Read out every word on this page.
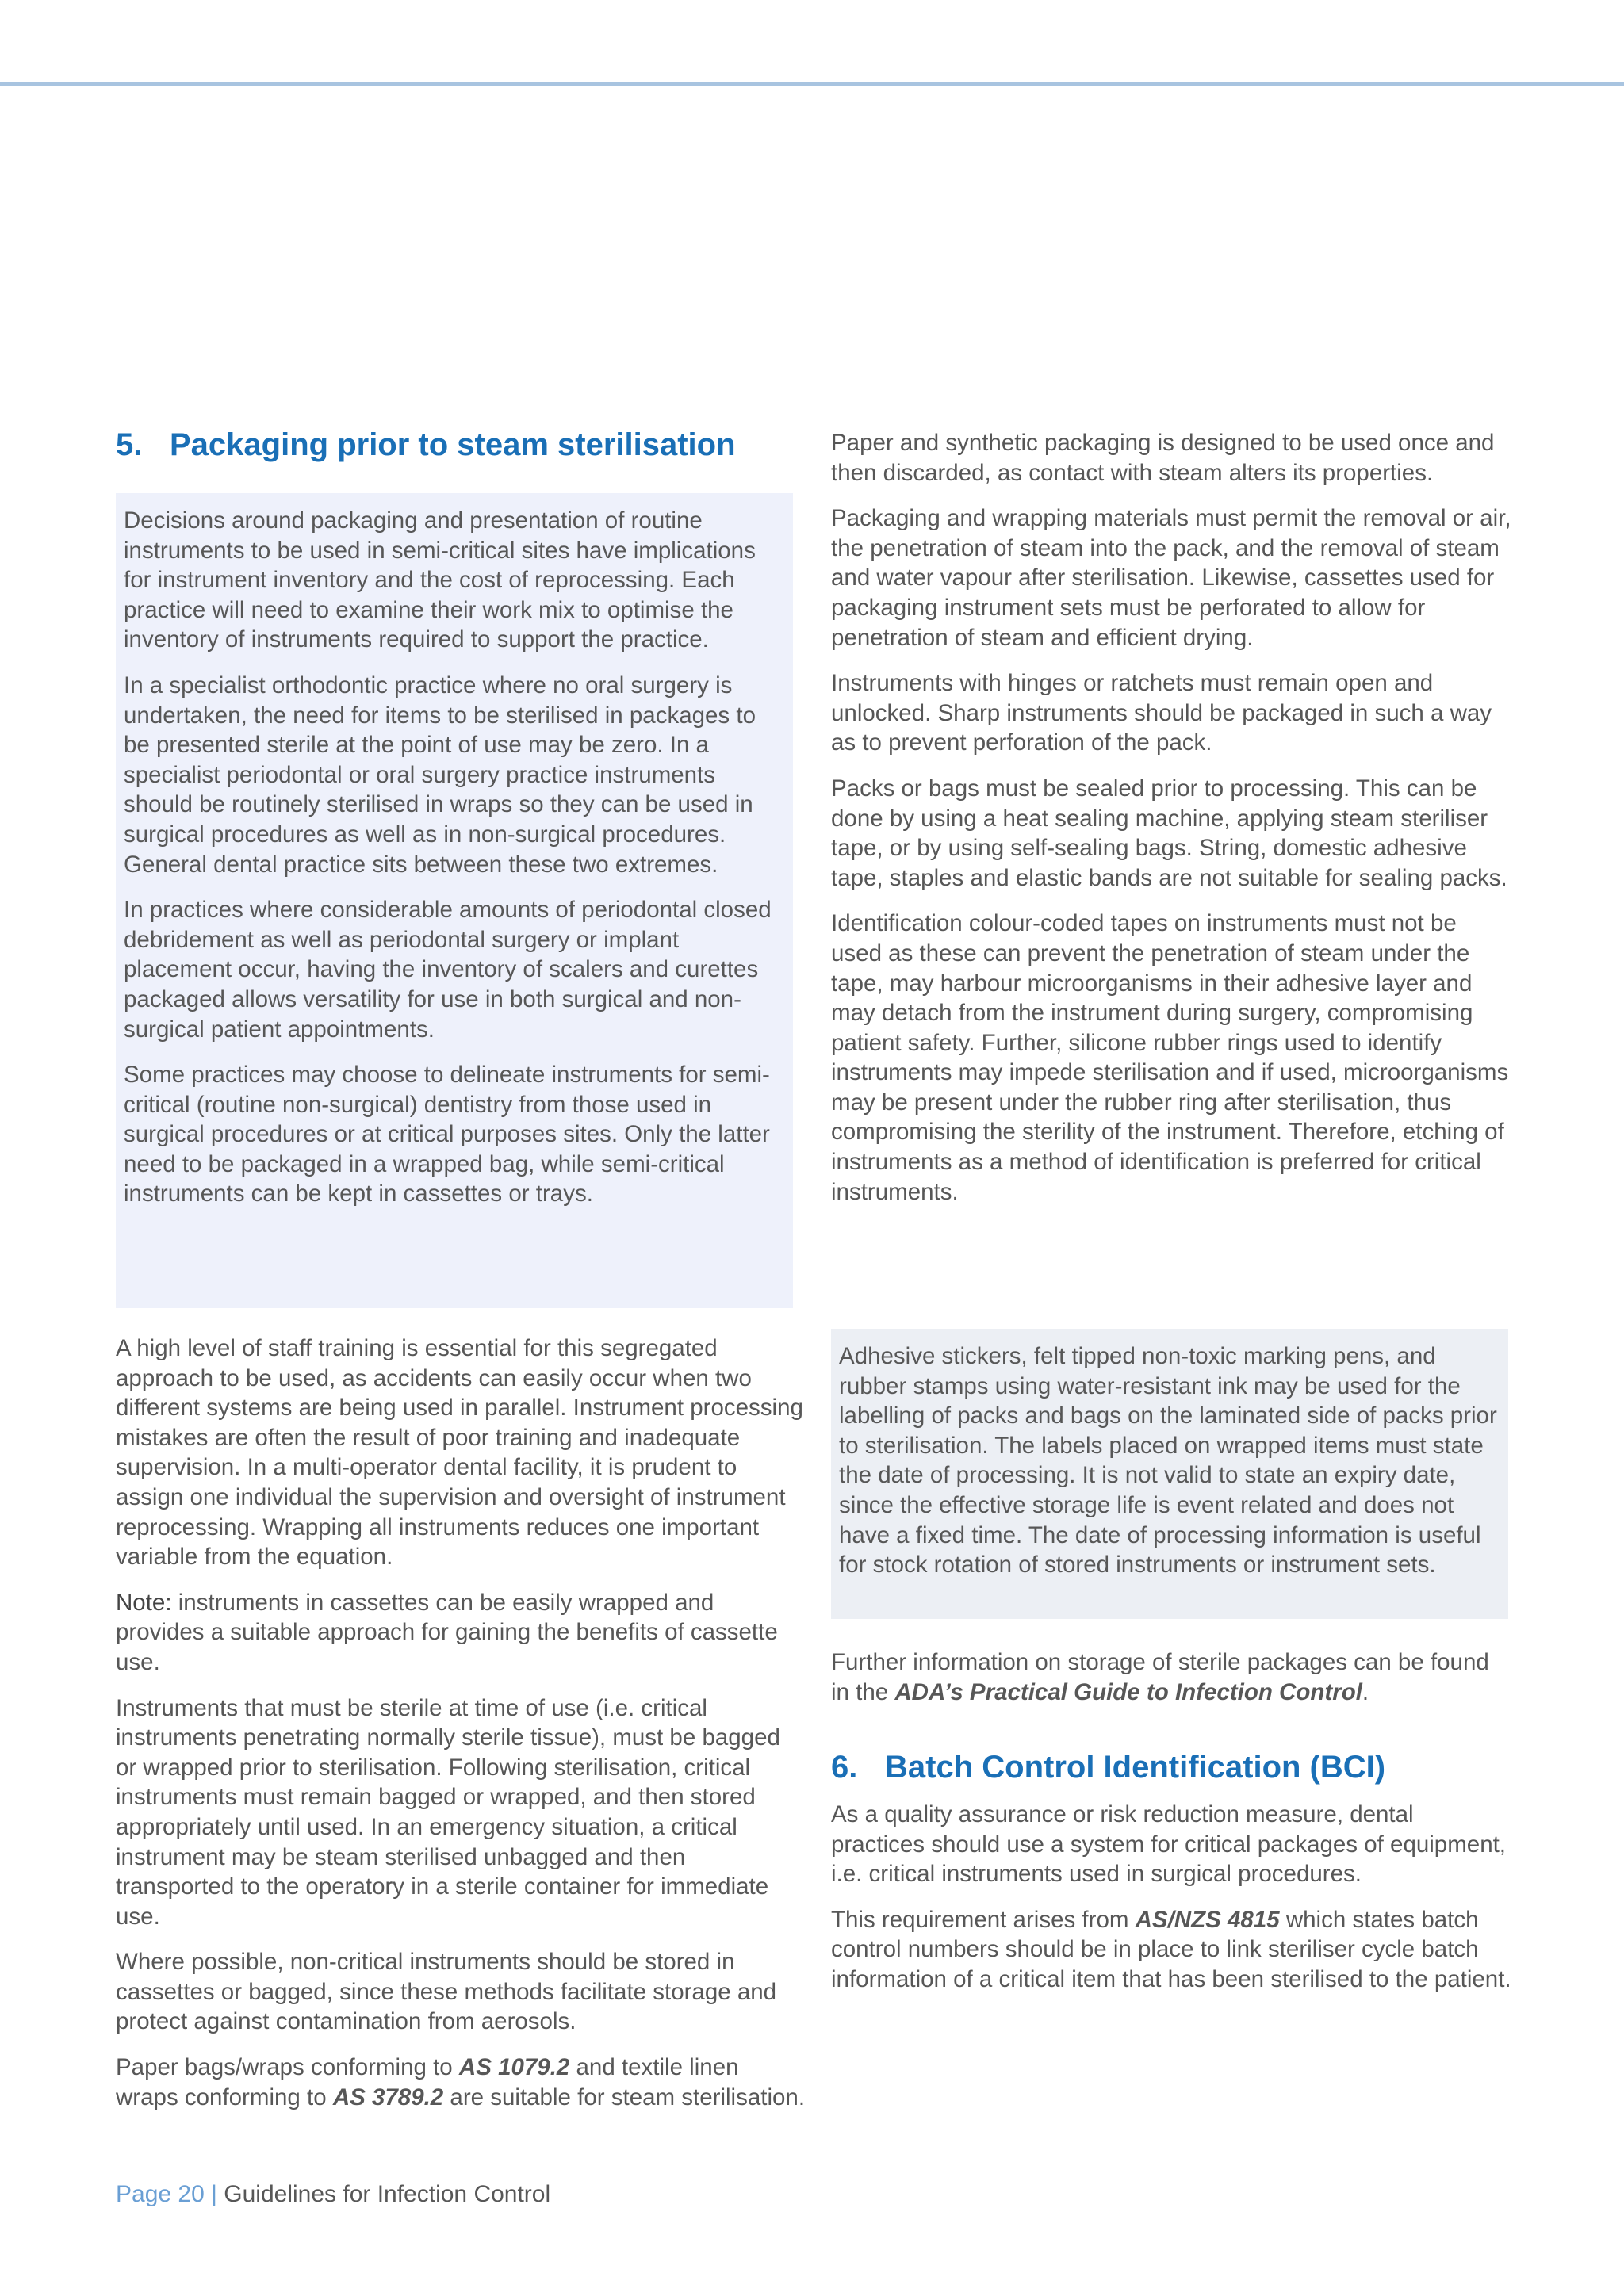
5. Packaging prior to steam sterilisation

Decisions around packaging and presentation of routine instruments to be used in semi-critical sites have implications for instrument inventory and the cost of reprocessing. Each practice will need to examine their work mix to optimise the inventory of instruments required to support the practice.

In a specialist orthodontic practice where no oral surgery is undertaken, the need for items to be sterilised in packages to be presented sterile at the point of use may be zero. In a specialist periodontal or oral surgery practice instruments should be routinely sterilised in wraps so they can be used in surgical procedures as well as in non-surgical procedures. General dental practice sits between these two extremes.

In practices where considerable amounts of periodontal closed debridement as well as periodontal surgery or implant placement occur, having the inventory of scalers and curettes packaged allows versatility for use in both surgical and non-surgical patient appointments.

Some practices may choose to delineate instruments for semi-critical (routine non-surgical) dentistry from those used in surgical procedures or at critical purposes sites. Only the latter need to be packaged in a wrapped bag, while semi-critical instruments can be kept in cassettes or trays.

A high level of staff training is essential for this segregated approach to be used, as accidents can easily occur when two different systems are being used in parallel. Instrument processing mistakes are often the result of poor training and inadequate supervision. In a multi-operator dental facility, it is prudent to assign one individual the supervision and oversight of instrument reprocessing. Wrapping all instruments reduces one important variable from the equation.

Note: instruments in cassettes can be easily wrapped and provides a suitable approach for gaining the benefits of cassette use.

Instruments that must be sterile at time of use (i.e. critical instruments penetrating normally sterile tissue), must be bagged or wrapped prior to sterilisation. Following sterilisation, critical instruments must remain bagged or wrapped, and then stored appropriately until used. In an emergency situation, a critical instrument may be steam sterilised unbagged and then transported to the operatory in a sterile container for immediate use.

Where possible, non-critical instruments should be stored in cassettes or bagged, since these methods facilitate storage and protect against contamination from aerosols.

Paper bags/wraps conforming to AS 1079.2 and textile linen wraps conforming to AS 3789.2 are suitable for steam sterilisation.

Paper and synthetic packaging is designed to be used once and then discarded, as contact with steam alters its properties.

Packaging and wrapping materials must permit the removal or air, the penetration of steam into the pack, and the removal of steam and water vapour after sterilisation. Likewise, cassettes used for packaging instrument sets must be perforated to allow for penetration of steam and efficient drying.

Instruments with hinges or ratchets must remain open and unlocked. Sharp instruments should be packaged in such a way as to prevent perforation of the pack.

Packs or bags must be sealed prior to processing. This can be done by using a heat sealing machine, applying steam steriliser tape, or by using self-sealing bags. String, domestic adhesive tape, staples and elastic bands are not suitable for sealing packs.

Identification colour-coded tapes on instruments must not be used as these can prevent the penetration of steam under the tape, may harbour microorganisms in their adhesive layer and may detach from the instrument during surgery, compromising patient safety. Further, silicone rubber rings used to identify instruments may impede sterilisation and if used, microorganisms may be present under the rubber ring after sterilisation, thus compromising the sterility of the instrument. Therefore, etching of instruments as a method of identification is preferred for critical instruments.

Adhesive stickers, felt tipped non-toxic marking pens, and rubber stamps using water-resistant ink may be used for the labelling of packs and bags on the laminated side of packs prior to sterilisation. The labels placed on wrapped items must state the date of processing. It is not valid to state an expiry date, since the effective storage life is event related and does not have a fixed time. The date of processing information is useful for stock rotation of stored instruments or instrument sets.

Further information on storage of sterile packages can be found in the ADA’s Practical Guide to Infection Control.

6. Batch Control Identification (BCI)

As a quality assurance or risk reduction measure, dental practices should use a system for critical packages of equipment, i.e. critical instruments used in surgical procedures.

This requirement arises from AS/NZS 4815 which states batch control numbers should be in place to link steriliser cycle batch information of a critical item that has been sterilised to the patient.

Page 20 | Guidelines for Infection Control
